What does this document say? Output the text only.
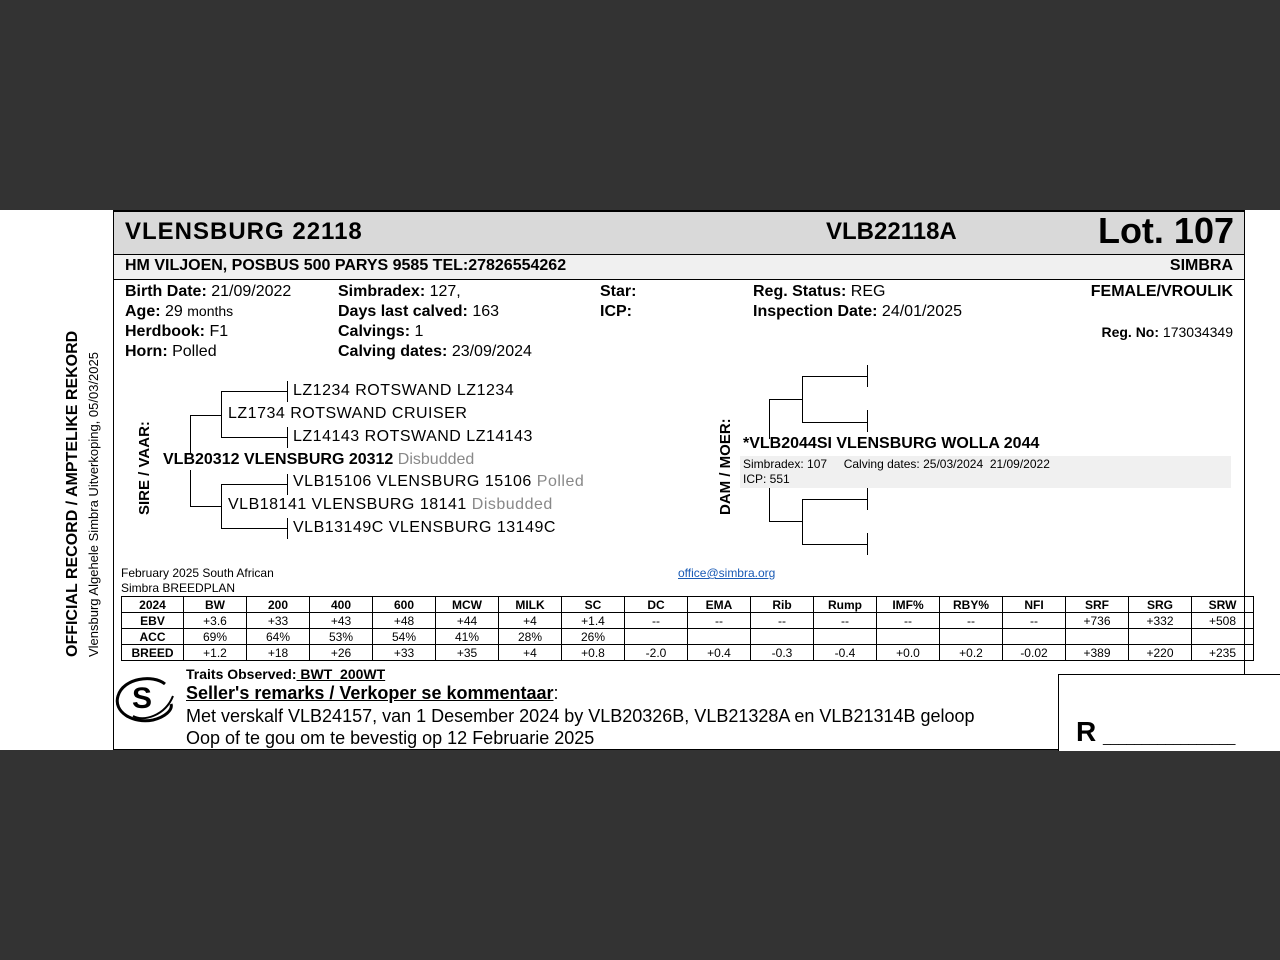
OFFICIAL RECORD / AMPTELIKE REKORD Vlensburg Algehele Simbra Uitverkoping, 05/03/2025
VLENSBURG 22118	VLB22118A	Lot. 107
HM VILJOEN, POSBUS 500 PARYS 9585 TEL:27826554262	SIMBRA
Birth Date: 21/09/2022
Age: 29 months
Herdbook: F1
Horn: Polled
Simbradex: 127,
Days last calved: 163
Calvings: 1
Calving dates: 23/09/2024
Star:
ICP:
Reg. Status: REG
Inspection Date: 24/01/2025
FEMALE/VROULIK
Reg. No: 173034349
SIRE / VAAR:
LZ1234 ROTSWAND LZ1234
LZ1734 ROTSWAND CRUISER
LZ14143 ROTSWAND LZ14143
VLB20312 VLENSBURG 20312 Disbudded
VLB15106 VLENSBURG 15106 Polled
VLB18141 VLENSBURG 18141 Disbudded
VLB13149C VLENSBURG 13149C
DAM / MOER: *VLB2044SI VLENSBURG WOLLA 2044
Simbradex: 107     Calving dates: 25/03/2024  21/09/2022
ICP: 551
February 2025 South African
Simbra BREEDPLAN
office@simbra.org
2024	BW	200	400	600	MCW	MILK	SC	DC	EMA	Rib	Rump	IMF%	RBY%	NFI	SRF	SRG	SRW
EBV	+3.6	+33	+43	+48	+44	+4	+1.4	--	--	--	--	--	--	--	+736	+332	+508
ACC	69%	64%	53%	54%	41%	28%	26%										
BREED	+1.2	+18	+26	+33	+35	+4	+0.8	-2.0	+0.4	-0.3	-0.4	+0.0	+0.2	-0.02	+389	+220	+235
S
Traits Observed: BWT  200WT
Seller's remarks / Verkoper se kommentaar:
Met verskalf VLB24157, van 1 Desember 2024 by VLB20326B, VLB21328A en VLB21314B geloop
Oop of te gou om te bevestig op 12 Februarie 2025	R _________________
